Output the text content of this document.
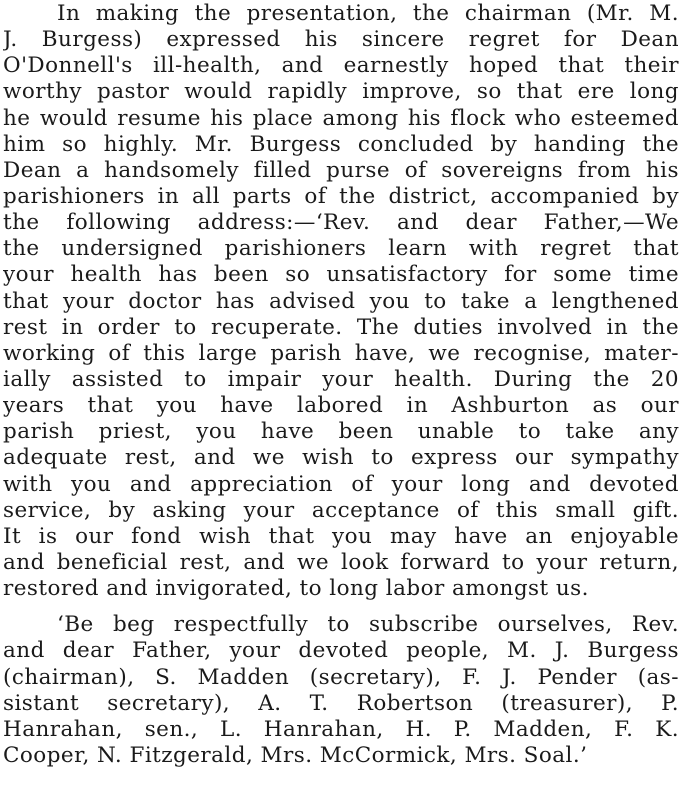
In making the presentation, the chairman (Mr. M.
J. Burgess) expressed his sincere regret for Dean
O'Donnell's ill-health, and earnestly hoped that their
worthy pastor would rapidly improve, so that ere long
he would resume his place among his flock who esteemed
him so highly. Mr. Burgess concluded by handing the
Dean a handsomely filled purse of sovereigns from his
parishioners in all parts of the district, accompanied by
the following address:—‘Rev. and dear Father,—We
the undersigned parishioners learn with regret that
your health has been so unsatisfactory for some time
that your doctor has advised you to take a lengthened
rest in order to recuperate. The duties involved in the
working of this large parish have, we recognise, mater-
ially assisted to impair your health. During the 20
years that you have labored in Ashburton as our
parish priest, you have been unable to take any
adequate rest, and we wish to express our sympathy
with you and appreciation of your long and devoted
service, by asking your acceptance of this small gift.
It is our fond wish that you may have an enjoyable
and beneficial rest, and we look forward to your return,
restored and invigorated, to long labor amongst us.

‘Be beg respectfully to subscribe ourselves, Rev.
and dear Father, your devoted people, M. J. Burgess
(chairman), S. Madden (secretary), F. J. Pender (as-
sistant secretary), A. T. Robertson (treasurer), P.
Hanrahan, sen., L. Hanrahan, H. P. Madden, F. K.
Cooper, N. Fitzgerald, Mrs. McCormick, Mrs. Soal.’
